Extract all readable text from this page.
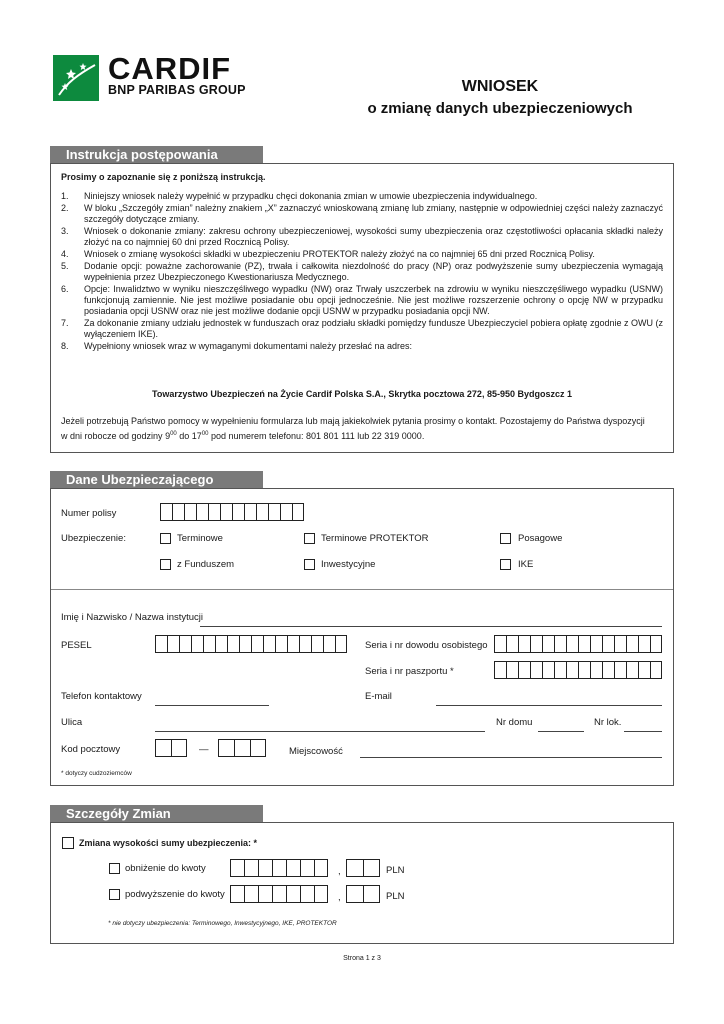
CARDIF
BNP PARIBAS GROUP	WNIOSEK
o zmianę danych ubezpieczeniowych
Instrukcja postępowania
Prosimy o zapoznanie się z poniższą instrukcją.
1.	Niniejszy wniosek należy wypełnić w przypadku chęci dokonania zmian w umowie ubezpieczenia indywidualnego.
2.	W bloku „Szczegóły zmian” należny znakiem „X” zaznaczyć wnioskowaną zmianę lub zmiany, następnie w odpowiedniej części należy zaznaczyć szczegóły dotyczące zmiany.
3.	Wniosek o dokonanie zmiany: zakresu ochrony ubezpieczeniowej, wysokości sumy ubezpieczenia oraz częstotliwości opłacania składki należy złożyć na co najmniej 60 dni przed Rocznicą Polisy.
4.	Wniosek o zmianę wysokości składki w ubezpieczeniu PROTEKTOR należy złożyć na co najmniej 65 dni przed Rocznicą Polisy.
5.	Dodanie opcji: poważne zachorowanie (PZ), trwała i całkowita niezdolność do pracy (NP) oraz podwyższenie sumy ubezpieczenia wymagają wypełnienia przez Ubezpieczonego Kwestionariusza Medycznego.
6.	Opcje: Inwalidztwo w wyniku nieszczęśliwego wypadku (NW) oraz Trwały uszczerbek na zdrowiu w wyniku nieszczęśliwego wypadku (USNW) funkcjonują zamiennie. Nie jest możliwe posiadanie obu opcji jednocześnie. Nie jest możliwe rozszerzenie ochrony o opcję NW w przypadku posiadania opcji USNW oraz nie jest możliwe dodanie opcji USNW w przypadku posiadania opcji NW.
7.	Za dokonanie zmiany udziału jednostek w funduszach oraz podziału składki pomiędzy fundusze Ubezpieczyciel pobiera opłatę zgodnie z OWU (z wyłączeniem IKE).
8.	Wypełniony wniosek wraz w wymaganymi dokumentami należy przesłać na adres:
Towarzystwo Ubezpieczeń na Życie Cardif Polska S.A., Skrytka pocztowa 272, 85-950 Bydgoszcz 1
Jeżeli potrzebują Państwo pomocy w wypełnieniu formularza lub mają jakiekolwiek pytania prosimy o kontakt. Pozostajemy do Państwa dyspozycji
w dni robocze od godziny $9^{00}$ do $17^{00}$ pod numerem telefonu: 801 801 111 lub 22 319 0000.
Dane Ubezpieczającego
Numer polisy
Ubezpieczenie:	Terminowe	Terminowe PROTEKTOR	Posagowe
z Funduszem	Inwestycyjne	IKE
Imię i Nazwisko / Nazwa instytucji
PESEL	Seria i nr dowodu osobistego
Seria i nr paszportu *
Telefon kontaktowy	E-mail
Ulica	Nr domu	Nr lok.
Kod pocztowy	—	Miejscowość
* dotyczy cudzoziemców
Szczegóły Zmian
Zmiana wysokości sumy ubezpieczenia: *
obniżenie do kwoty	,	PLN
podwyższenie do kwoty	,	PLN
* nie dotyczy ubezpieczenia: Terminowego, Inwestycyjnego, IKE, PROTEKTOR
Strona 1 z 3
